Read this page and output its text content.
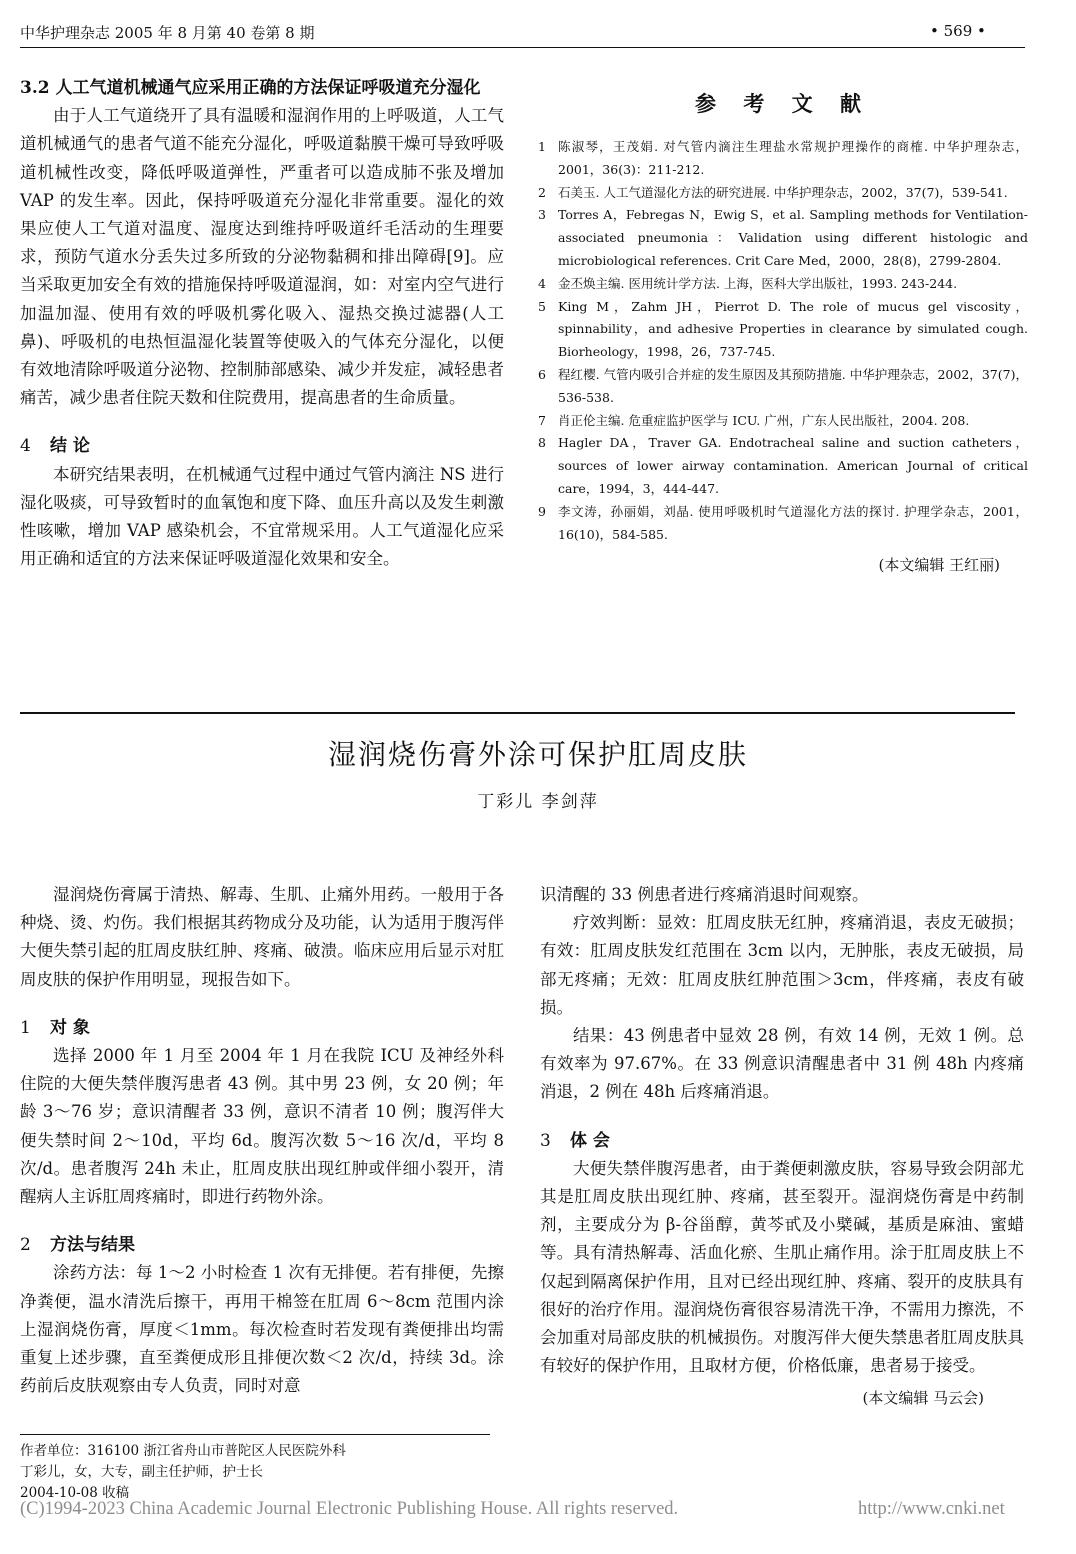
中华护理杂志 2005 年 8 月第 40 卷第 8 期	• 569 •

3.2 人工气道机械通气应采用正确的方法保证呼吸道充分湿化

由于人工气道绕开了具有温暖和湿润作用的上呼吸道，人工气道机械通气的患者气道不能充分湿化，呼吸道黏膜干燥可导致呼吸道机械性改变，降低呼吸道弹性，严重者可以造成肺不张及增加 VAP 的发生率。因此，保持呼吸道充分湿化非常重要。湿化的效果应使人工气道对温度、湿度达到维持呼吸道纤毛活动的生理要求，预防气道水分丢失过多所致的分泌物黏稠和排出障碍[9]。应当采取更加安全有效的措施保持呼吸道湿润，如：对室内空气进行加温加湿、使用有效的呼吸机雾化吸入、湿热交换过滤器(人工鼻)、呼吸机的电热恒温湿化装置等使吸入的气体充分湿化，以便有效地清除呼吸道分泌物、控制肺部感染、减少并发症，减轻患者痛苦，减少患者住院天数和住院费用，提高患者的生命质量。

4 结 论

本研究结果表明，在机械通气过程中通过气管内滴注 NS 进行湿化吸痰，可导致暂时的血氧饱和度下降、血压升高以及发生刺激性咳嗽，增加 VAP 感染机会，不宜常规采用。人工气道湿化应采用正确和适宜的方法来保证呼吸道湿化效果和安全。

参 考 文 献
1 陈淑琴，王茂娟. 对气管内滴注生理盐水常规护理操作的商榷. 中华护理杂志，2001，36(3)：211-212.
2 石美玉. 人工气道湿化方法的研究进展. 中华护理杂志，2002，37(7)，539-541.
3 Torres A，Febregas N，Ewig S，et al. Sampling methods for Ventilation-associated pneumonia：Validation using different histologic and microbiological references. Crit Care Med，2000，28(8)，2799-2804.
4 金丕焕主编. 医用统计学方法. 上海，医科大学出版社，1993. 243-244.
5 King M，Zahm JH，Pierrot D. The role of mucus gel viscosity，spinnability，and adhesive Properties in clearance by simulated cough. Biorheology，1998，26，737-745.
6 程红樱. 气管内吸引合并症的发生原因及其预防措施. 中华护理杂志，2002，37(7)，536-538.
7 肖正伦主编. 危重症监护医学与 ICU. 广州，广东人民出版社，2004. 208.
8 Hagler DA，Traver GA. Endotracheal saline and suction catheters，sources of lower airway contamination. American Journal of critical care，1994，3，444-447.
9 李文涛，孙丽娟，刘晶. 使用呼吸机时气道湿化方法的探讨. 护理学杂志，2001，16(10)，584-585.
(本文编辑 王红丽)
湿润烧伤膏外涂可保护肛周皮肤
丁彩儿 李剑萍

湿润烧伤膏属于清热、解毒、生肌、止痛外用药。一般用于各种烧、烫、灼伤。我们根据其药物成分及功能，认为适用于腹泻伴大便失禁引起的肛周皮肤红肿、疼痛、破溃。临床应用后显示对肛周皮肤的保护作用明显，现报告如下。

1 对 象

选择 2000 年 1 月至 2004 年 1 月在我院 ICU 及神经外科住院的大便失禁伴腹泻患者 43 例。其中男 23 例，女 20 例；年龄 3～76 岁；意识清醒者 33 例，意识不清者 10 例；腹泻伴大便失禁时间 2～10d，平均 6d。腹泻次数 5～16 次/d，平均 8 次/d。患者腹泻 24h 未止，肛周皮肤出现红肿或伴细小裂开，清醒病人主诉肛周疼痛时，即进行药物外涂。

2 方法与结果

涂药方法：每 1～2 小时检查 1 次有无排便。若有排便，先擦净粪便，温水清洗后擦干，再用干棉签在肛周 6～8cm 范围内涂上湿润烧伤膏，厚度＜1mm。每次检查时若发现有粪便排出均需重复上述步骤，直至粪便成形且排便次数＜2 次/d，持续 3d。涂药前后皮肤观察由专人负责，同时对意

识清醒的 33 例患者进行疼痛消退时间观察。

疗效判断：显效：肛周皮肤无红肿，疼痛消退，表皮无破损；有效：肛周皮肤发红范围在 3cm 以内，无肿胀，表皮无破损，局部无疼痛；无效：肛周皮肤红肿范围＞3cm，伴疼痛，表皮有破损。

结果：43 例患者中显效 28 例，有效 14 例，无效 1 例。总有效率为 97.67%。在 33 例意识清醒患者中 31 例 48h 内疼痛消退，2 例在 48h 后疼痛消退。

3 体 会

大便失禁伴腹泻患者，由于粪便刺激皮肤，容易导致会阴部尤其是肛周皮肤出现红肿、疼痛，甚至裂开。湿润烧伤膏是中药制剂，主要成分为 β-谷甾醇，黄芩甙及小檗碱，基质是麻油、蜜蜡等。具有清热解毒、活血化瘀、生肌止痛作用。涂于肛周皮肤上不仅起到隔离保护作用，且对已经出现红肿、疼痛、裂开的皮肤具有很好的治疗作用。湿润烧伤膏很容易清洗干净，不需用力擦洗，不会加重对局部皮肤的机械损伤。对腹泻伴大便失禁患者肛周皮肤具有较好的保护作用，且取材方便，价格低廉，患者易于接受。

(本文编辑 马云会)
作者单位：316100 浙江省舟山市普陀区人民医院外科
丁彩儿，女，大专，副主任护师，护士长
2004-10-08 收稿
(C)1994-2023 China Academic Journal Electronic Publishing House. All rights reserved.	http://www.cnki.net
